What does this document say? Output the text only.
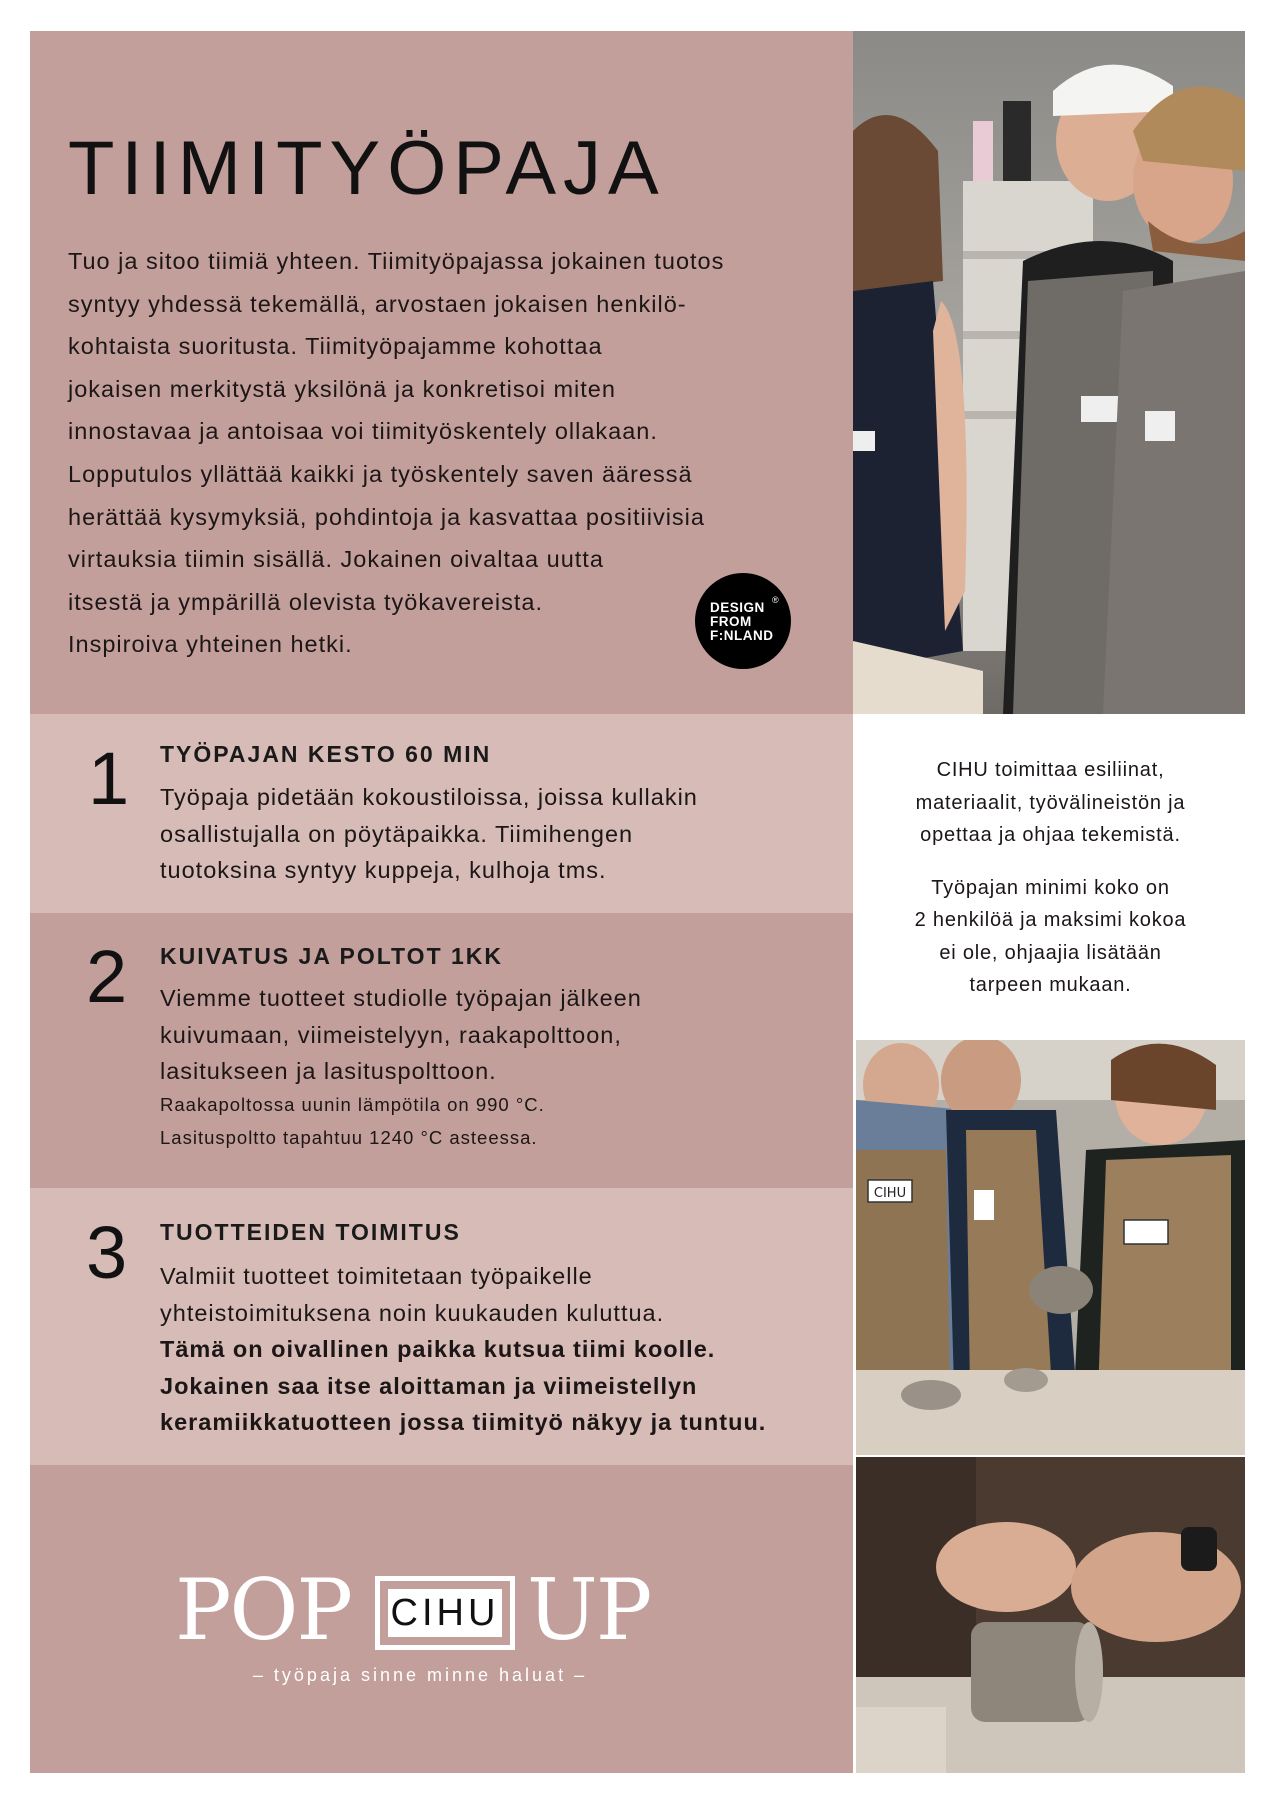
TIIMITYÖPAJA

Tuo ja sitoo tiimiä yhteen. Tiimityöpajassa jokainen tuotos

syntyy yhdessä tekemällä, arvostaen jokaisen henkilö-

kohtaista suoritusta. Tiimityöpajamme kohottaa

jokaisen merkitystä yksilönä ja konkretisoi miten

innostavaa ja antoisaa voi tiimityöskentely ollakaan.

Lopputulos yllättää kaikki ja työskentely saven ääressä

herättää kysymyksiä, pohdintoja ja kasvattaa positiivisia

virtauksia tiimin sisällä. Jokainen oivaltaa uutta

itsestä ja ympärillä olevista työkavereista.

Inspiroiva yhteinen hetki.

DESIGN
FROM
F:NLAND
®
1 TYÖPAJAN KESTO 60 MIN

Työpaja pidetään kokoustiloissa, joissa kullakin

osallistujalla on pöytäpaikka. Tiimihengen

tuotoksina syntyy kuppeja, kulhoja tms.

2 KUIVATUS JA POLTOT 1KK

Viemme tuotteet studiolle työpajan jälkeen

kuivumaan, viimeistelyyn, raakapolttoon,

lasitukseen ja lasituspolttoon.

Raakapoltossa uunin lämpötila on 990 °C.
Lasituspoltto tapahtuu 1240 °C asteessa.
3 TUOTTEIDEN TOIMITUS

Valmiit tuotteet toimitetaan työpaikelle

yhteistoimituksena noin kuukauden kuluttua.

Tämä on oivallinen paikka kutsua tiimi koolle.

Jokainen saa itse aloittaman ja viimeistellyn

keramiikkatuotteen jossa tiimityö näkyy ja tuntuu.

CIHU toimittaa esiliinat,

materiaalit, työvälineistön ja

opettaa ja ohjaa tekemistä.

Työpajan minimi koko on

2 henkilöä ja maksimi kokoa

ei ole, ohjaajia lisätään

tarpeen mukaan.

CIHU
POP CIHU UP
– työpaja sinne minne haluat –
